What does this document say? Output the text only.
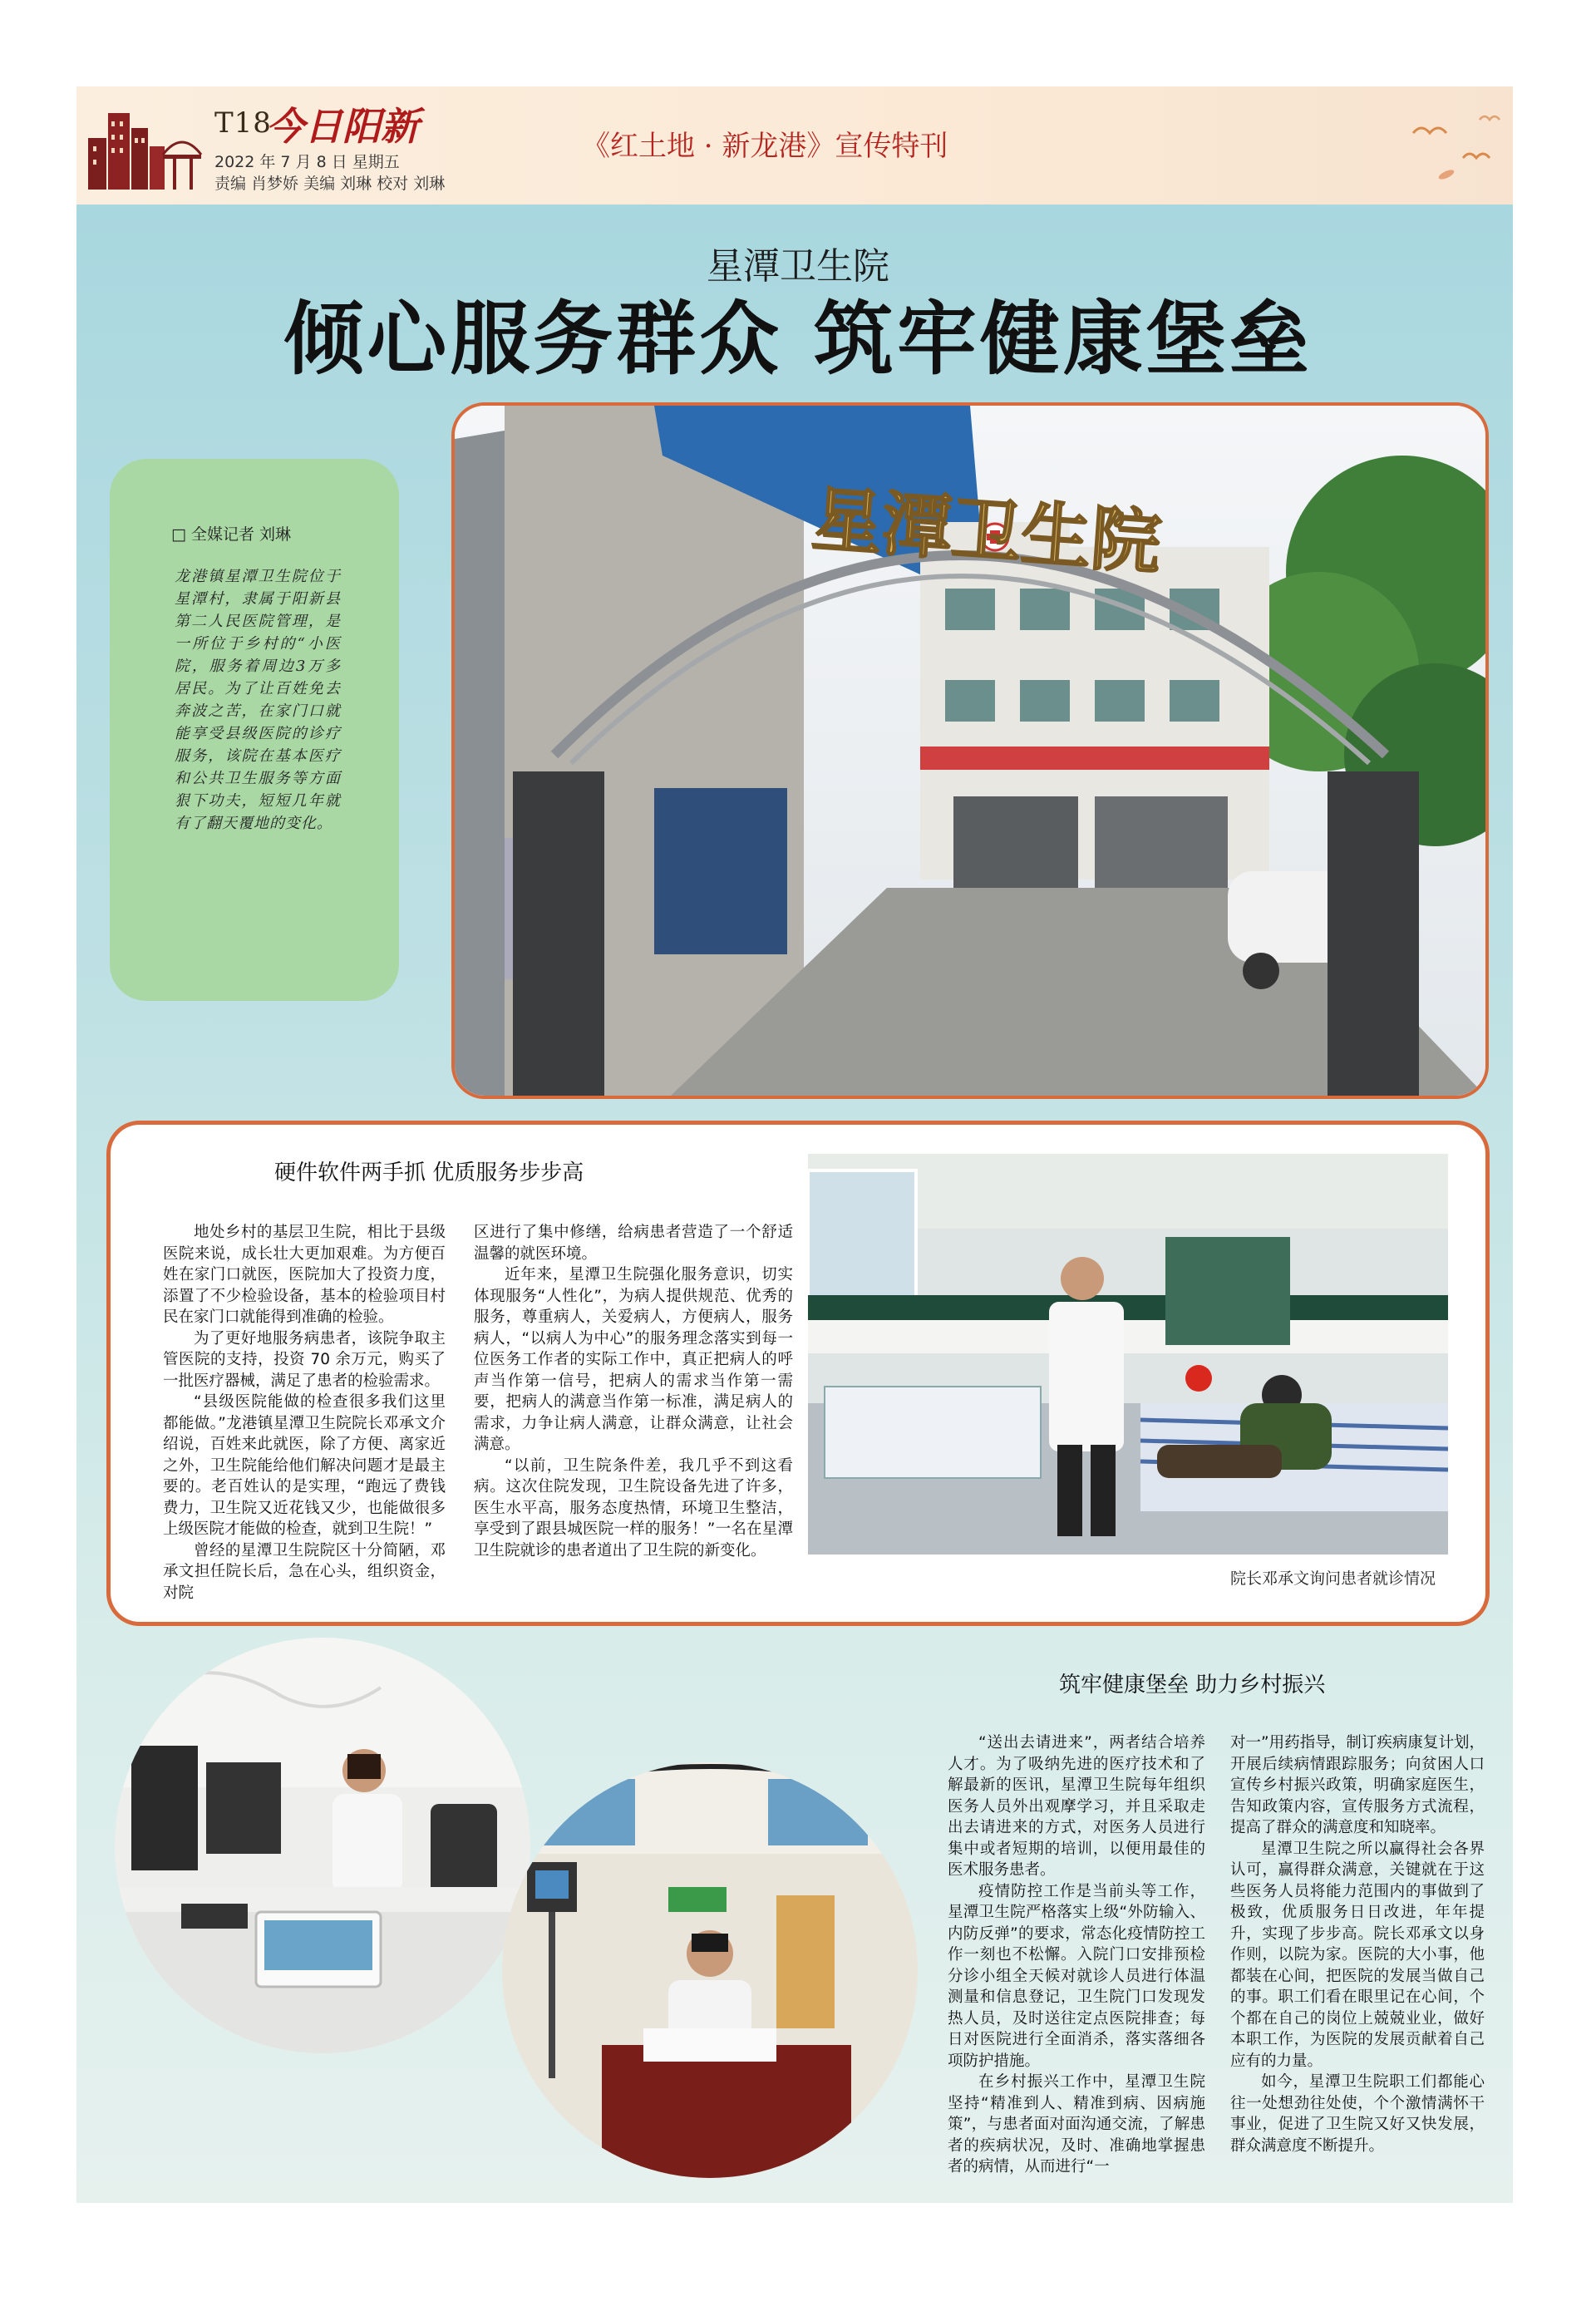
T18
今日阳新
2022 年 7 月 8 日 星期五
责编 肖梦娇 美编 刘琳 校对 刘琳
《红土地 · 新龙港》宣传特刊
星潭卫生院
倾心服务群众 筑牢健康堡垒
□ 全媒记者 刘琳
龙港镇星潭卫生院位于星潭村，隶属于阳新县第二人民医院管理，是一所位于乡村的“小医院，服务着周边3万多居民。为了让百姓免去奔波之苦，在家门口就能享受县级医院的诊疗服务，该院在基本医疗和公共卫生服务等方面狠下功夫，短短几年就有了翻天覆地的变化。
星潭卫生院
硬件软件两手抓 优质服务步步高

地处乡村的基层卫生院，相比于县级医院来说，成长壮大更加艰难。为方便百姓在家门口就医，医院加大了投资力度，添置了不少检验设备，基本的检验项目村民在家门口就能得到准确的检验。

为了更好地服务病患者，该院争取主管医院的支持，投资 70 余万元，购买了一批医疗器械，满足了患者的检验需求。

“县级医院能做的检查很多我们这里都能做。”龙港镇星潭卫生院院长邓承文介绍说，百姓来此就医，除了方便、离家近之外，卫生院能给他们解决问题才是最主要的。老百姓认的是实理，“跑远了费钱费力，卫生院又近花钱又少，也能做很多上级医院才能做的检查，就到卫生院！”

曾经的星潭卫生院院区十分简陋，邓承文担任院长后，急在心头，组织资金，对院

区进行了集中修缮，给病患者营造了一个舒适温馨的就医环境。

近年来，星潭卫生院强化服务意识，切实体现服务“人性化”，为病人提供规范、优秀的服务，尊重病人，关爱病人，方便病人，服务病人，“以病人为中心”的服务理念落实到每一位医务工作者的实际工作中，真正把病人的呼声当作第一信号，把病人的需求当作第一需要，把病人的满意当作第一标准，满足病人的需求，力争让病人满意，让群众满意，让社会满意。

“以前，卫生院条件差，我几乎不到这看病。这次住院发现，卫生院设备先进了许多，医生水平高，服务态度热情，环境卫生整洁，享受到了跟县城医院一样的服务！”一名在星潭卫生院就诊的患者道出了卫生院的新变化。

院长邓承文询问患者就诊情况
筑牢健康堡垒 助力乡村振兴

“送出去请进来”，两者结合培养人才。为了吸纳先进的医疗技术和了解最新的医讯，星潭卫生院每年组织医务人员外出观摩学习，并且采取走出去请进来的方式，对医务人员进行集中或者短期的培训，以便用最佳的医术服务患者。

疫情防控工作是当前头等工作，星潭卫生院严格落实上级“外防输入、内防反弹”的要求，常态化疫情防控工作一刻也不松懈。入院门口安排预检分诊小组全天候对就诊人员进行体温测量和信息登记，卫生院门口发现发热人员，及时送往定点医院排查；每日对医院进行全面消杀，落实落细各项防护措施。

在乡村振兴工作中，星潭卫生院坚持“精准到人、精准到病、因病施策”，与患者面对面沟通交流，了解患者的疾病状况，及时、准确地掌握患者的病情，从而进行“一

对一”用药指导，制订疾病康复计划，开展后续病情跟踪服务；向贫困人口宣传乡村振兴政策，明确家庭医生，告知政策内容，宣传服务方式流程，提高了群众的满意度和知晓率。

星潭卫生院之所以赢得社会各界认可，赢得群众满意，关键就在于这些医务人员将能力范围内的事做到了极致，优质服务日日改进，年年提升，实现了步步高。院长邓承文以身作则，以院为家。医院的大小事，他都装在心间，把医院的发展当做自己的事。职工们看在眼里记在心间，个个都在自己的岗位上兢兢业业，做好本职工作，为医院的发展贡献着自己应有的力量。

如今，星潭卫生院职工们都能心往一处想劲往处使，个个激情满怀干事业，促进了卫生院又好又快发展，群众满意度不断提升。
